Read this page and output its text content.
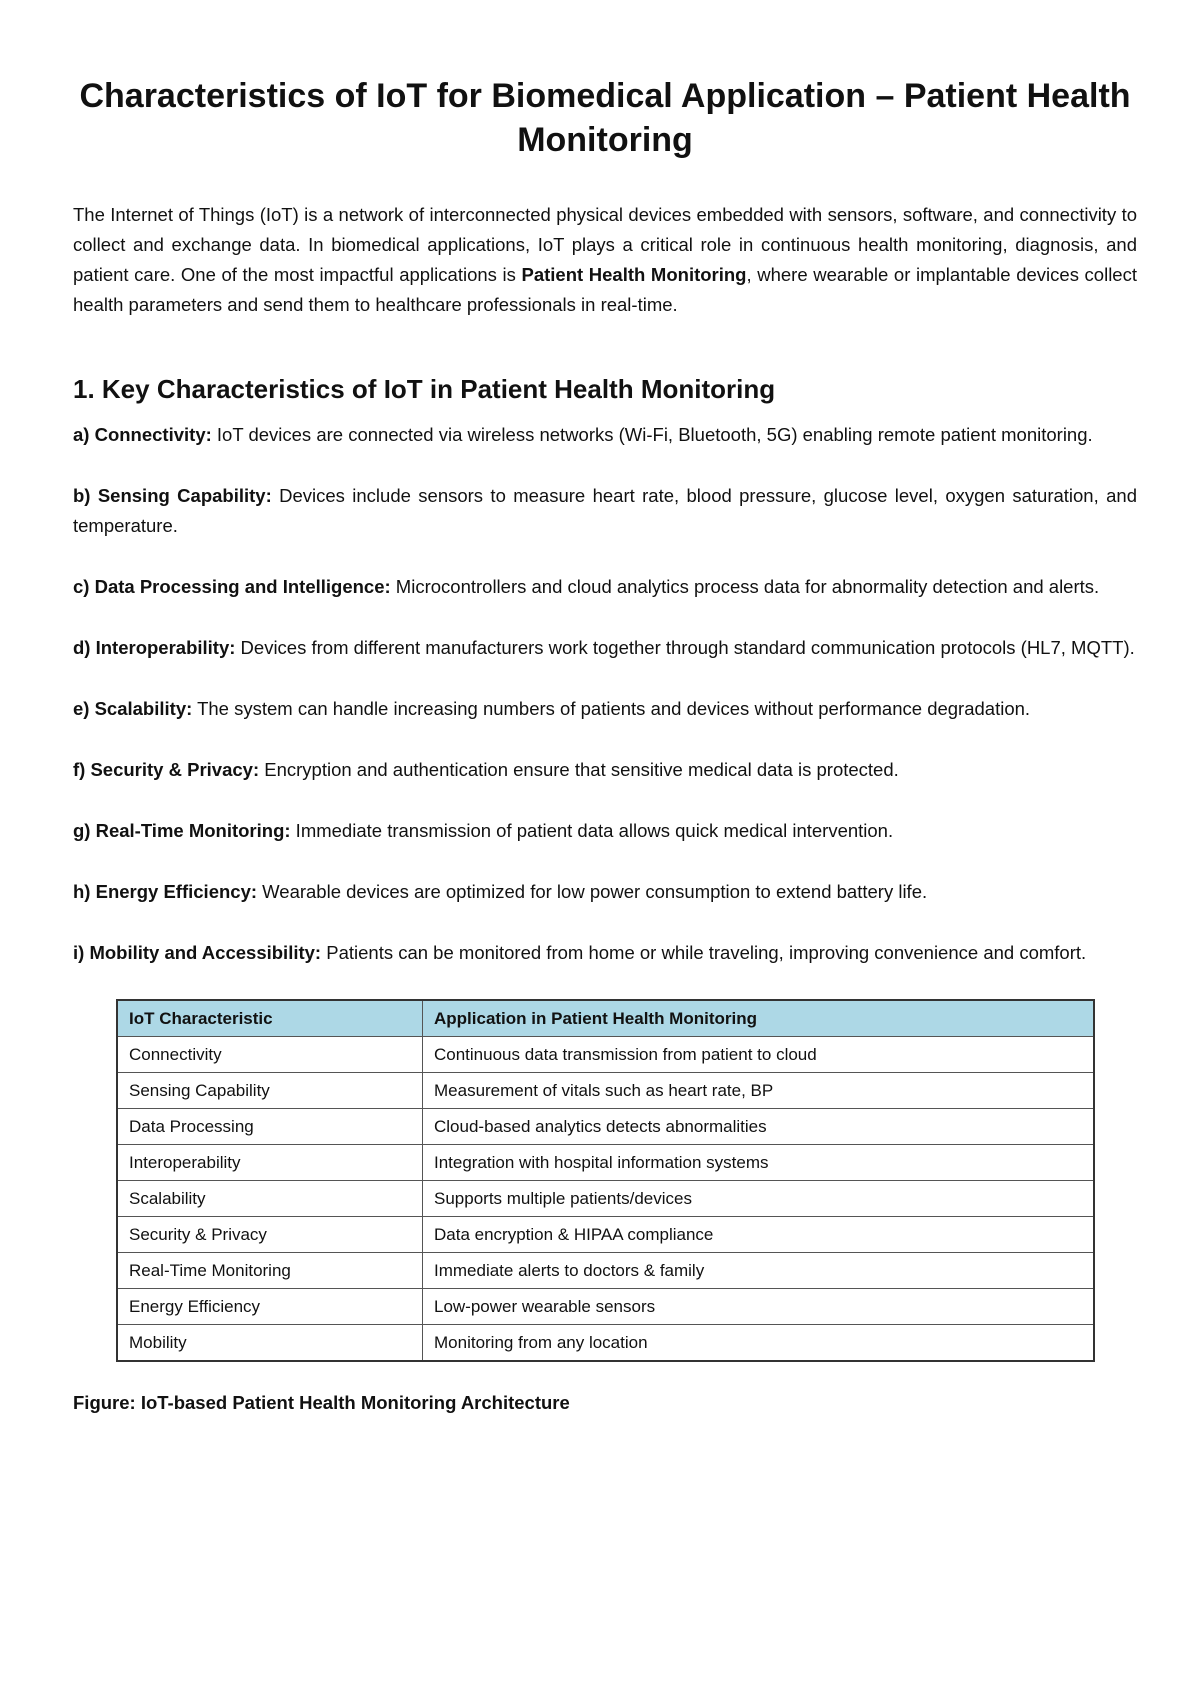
Characteristics of IoT for Biomedical Application – Patient Health Monitoring

The Internet of Things (IoT) is a network of interconnected physical devices embedded with sensors, software, and connectivity to collect and exchange data. In biomedical applications, IoT plays a critical role in continuous health monitoring, diagnosis, and patient care. One of the most impactful applications is Patient Health Monitoring, where wearable or implantable devices collect health parameters and send them to healthcare professionals in real-time.

1. Key Characteristics of IoT in Patient Health Monitoring
a) Connectivity: IoT devices are connected via wireless networks (Wi-Fi, Bluetooth, 5G) enabling remote patient monitoring.
b) Sensing Capability: Devices include sensors to measure heart rate, blood pressure, glucose level, oxygen saturation, and temperature.
c) Data Processing and Intelligence: Microcontrollers and cloud analytics process data for abnormality detection and alerts.
d) Interoperability: Devices from different manufacturers work together through standard communication protocols (HL7, MQTT).
e) Scalability: The system can handle increasing numbers of patients and devices without performance degradation.
f) Security & Privacy: Encryption and authentication ensure that sensitive medical data is protected.
g) Real-Time Monitoring: Immediate transmission of patient data allows quick medical intervention.
h) Energy Efficiency: Wearable devices are optimized for low power consumption to extend battery life.
i) Mobility and Accessibility: Patients can be monitored from home or while traveling, improving convenience and comfort.
IoT Characteristic	Application in Patient Health Monitoring
Connectivity	Continuous data transmission from patient to cloud
Sensing Capability	Measurement of vitals such as heart rate, BP
Data Processing	Cloud-based analytics detects abnormalities
Interoperability	Integration with hospital information systems
Scalability	Supports multiple patients/devices
Security & Privacy	Data encryption & HIPAA compliance
Real-Time Monitoring	Immediate alerts to doctors & family
Energy Efficiency	Low-power wearable sensors
Mobility	Monitoring from any location

Figure: IoT-based Patient Health Monitoring Architecture
